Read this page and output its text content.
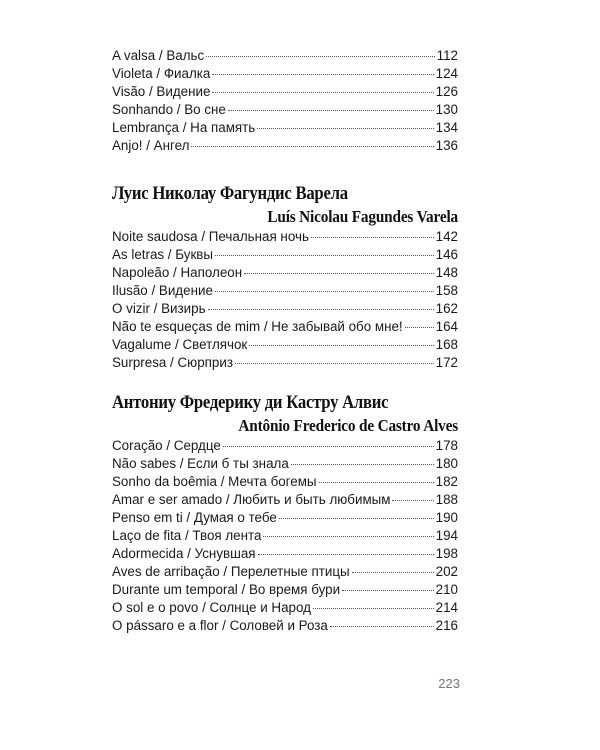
A valsa / Вальс	112
Violeta / Фиалка	124
Visão / Видение	126
Sonhando / Во сне	130
Lembrança / На память	134
Anjo! / Ангел	136
Луис Николау Фагундис Варела
Luís Nicolau Fagundes Varela
Noite saudosa / Печальная ночь	142
As letras / Буквы	146
Napoleão / Наполеон	148
Ilusão / Видение	158
O vizir / Визирь	162
Não te esqueças de mim / Не забывай обо мне! 164
Vagalume / Светлячок	168
Surpresa / Сюрприз	172
Антониу Фредерику ди Кастру Алвис
Antônio Frederico de Castro Alves
Coração / Сердце	178
Não sabes / Если б ты знала	180
Sonho da boêmia / Мечта богемы	182
Amar e ser amado / Любить и быть любимым	188
Penso em ti / Думая о тебе	190
Laço de fita / Твоя лента	194
Adormecida / Уснувшая	198
Aves de arribação / Перелетные птицы	202
Durante um temporal / Во время бури	210
O sol e o povo / Солнце и Народ	214
O pássaro e a flor / Соловей и Роза	216
223
